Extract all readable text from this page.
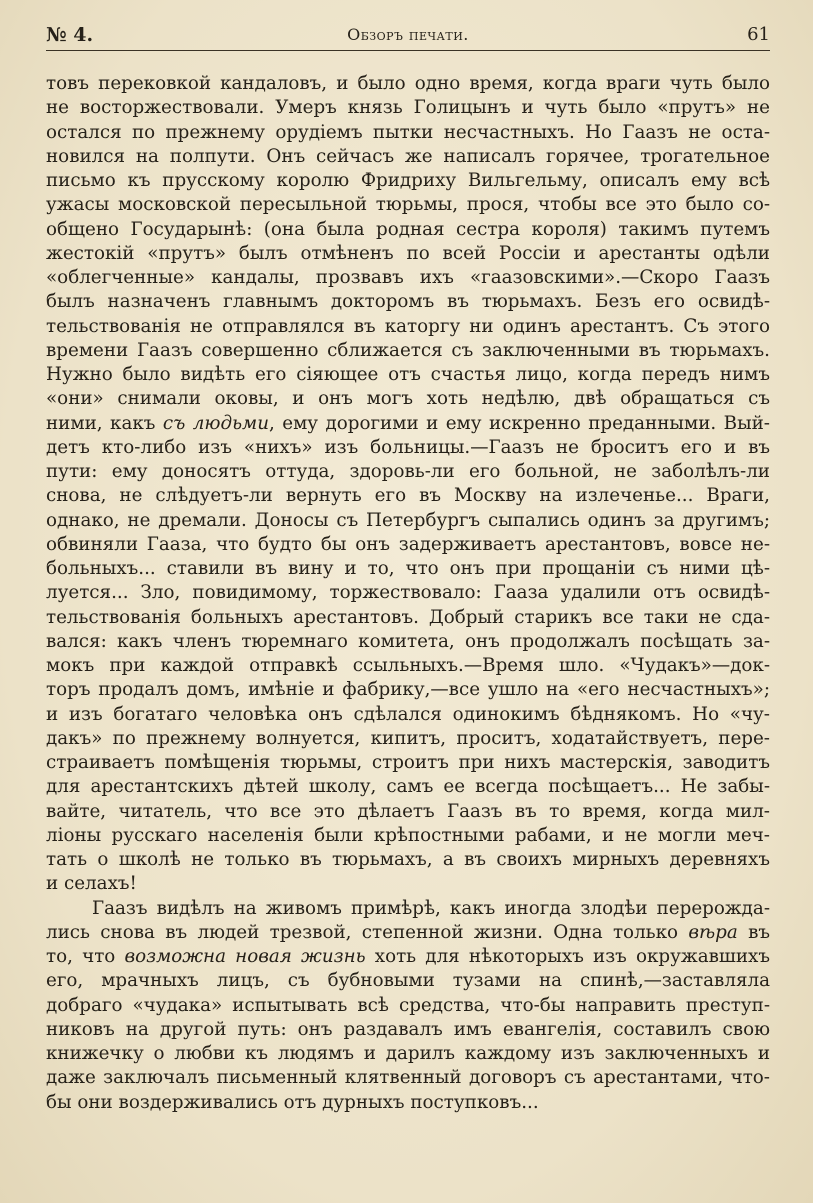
№ 4.	Обзоръ печати.	61
товъ перековкой кандаловъ, и было одно время, когда враги чуть было
не восторжествовали. Умеръ князь Голицынъ и чуть было «прутъ» не
остался по прежнему орудіемъ пытки несчастныхъ. Но Гаазъ не оста-
новился на полпути. Онъ сейчасъ же написалъ горячее, трогательное
письмо къ прусскому королю Фридриху Вильгельму, описалъ ему всѣ
ужасы московской пересыльной тюрьмы, прося, чтобы все это было со-
общено Государынѣ: (она была родная сестра короля) такимъ путемъ
жестокій «прутъ» былъ отмѣненъ по всей Россіи и арестанты одѣли
«облегченные» кандалы, прозвавъ ихъ «гаазовскими».—Скоро Гаазъ
былъ назначенъ главнымъ докторомъ въ тюрьмахъ. Безъ его освидѣ-
тельствованія не отправлялся въ каторгу ни одинъ арестантъ. Съ этого
времени Гаазъ совершенно сближается съ заключенными въ тюрьмахъ.
Нужно было видѣть его сіяющее отъ счастья лицо, когда передъ нимъ
«они» снимали оковы, и онъ могъ хоть недѣлю, двѣ обращаться съ
ними, какъ съ людьми, ему дорогими и ему искренно преданными. Вый-
детъ кто-либо изъ «нихъ» изъ больницы.—Гаазъ не броситъ его и въ
пути: ему доносятъ оттуда, здоровь-ли его больной, не заболѣлъ-ли
снова, не слѣдуетъ-ли вернуть его въ Москву на излеченье... Враги,
однако, не дремали. Доносы съ Петербургъ сыпались одинъ за другимъ;
обвиняли Гааза, что будто бы онъ задерживаетъ арестантовъ, вовсе не-
больныхъ... ставили въ вину и то, что онъ при прощаніи съ ними цѣ-
луется... Зло, повидимому, торжествовало: Гааза удалили отъ освидѣ-
тельствованія больныхъ арестантовъ. Добрый старикъ все таки не сда-
вался: какъ членъ тюремнаго комитета, онъ продолжалъ посѣщать за-
мокъ при каждой отправкѣ ссыльныхъ.—Время шло. «Чудакъ»—док-
торъ продалъ домъ, имѣніе и фабрику,—все ушло на «его несчастныхъ»;
и изъ богатаго человѣка онъ сдѣлался одинокимъ бѣднякомъ. Но «чу-
дакъ» по прежнему волнуется, кипитъ, проситъ, ходатайствуетъ, пере-
страиваетъ помѣщенія тюрьмы, строитъ при нихъ мастерскія, заводитъ
для арестантскихъ дѣтей школу, самъ ее всегда посѣщаетъ... Не забы-
вайте, читатель, что все это дѣлаетъ Гаазъ въ то время, когда мил-
ліоны русскаго населенія были крѣпостными рабами, и не могли меч-
тать о школѣ не только въ тюрьмахъ, а въ своихъ мирныхъ деревняхъ
и селахъ!
Гаазъ видѣлъ на живомъ примѣрѣ, какъ иногда злодѣи перерожда-
лись снова въ людей трезвой, степенной жизни. Одна только вѣра въ
то, что возможна новая жизнь хоть для нѣкоторыхъ изъ окружавшихъ
его, мрачныхъ лицъ, съ бубновыми тузами на спинѣ,—заставляла
добраго «чудака» испытывать всѣ средства, что-бы направить преступ-
никовъ на другой путь: онъ раздавалъ имъ евангелія, составилъ свою
книжечку о любви къ людямъ и дарилъ каждому изъ заключенныхъ и
даже заключалъ письменный клятвенный договоръ съ арестантами, что-
бы они воздерживались отъ дурныхъ поступковъ...
